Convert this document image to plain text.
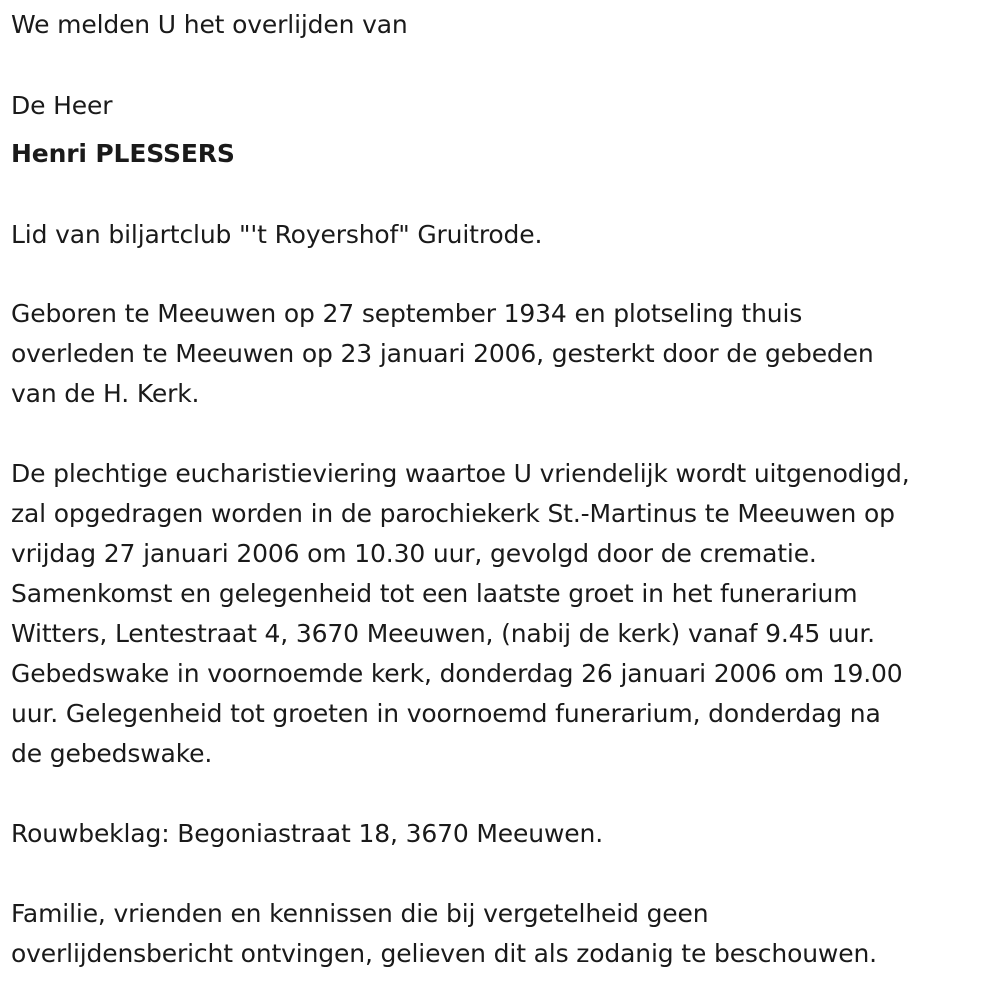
We melden U het overlijden van
De Heer
Henri PLESSERS
Lid van biljartclub "'t Royershof" Gruitrode.
Geboren te Meeuwen op 27 september 1934 en plotseling thuis
overleden te Meeuwen op 23 januari 2006, gesterkt door de gebeden
van de H. Kerk.
De plechtige eucharistieviering waartoe U vriendelijk wordt uitgenodigd,
zal opgedragen worden in de parochiekerk St.-Martinus te Meeuwen op
vrijdag 27 januari 2006 om 10.30 uur, gevolgd door de crematie.
Samenkomst en gelegenheid tot een laatste groet in het funerarium
Witters, Lentestraat 4, 3670 Meeuwen, (nabij de kerk) vanaf 9.45 uur.
Gebedswake in voornoemde kerk, donderdag 26 januari 2006 om 19.00
uur. Gelegenheid tot groeten in voornoemd funerarium, donderdag na
de gebedswake.
Rouwbeklag: Begoniastraat 18, 3670 Meeuwen.
Familie, vrienden en kennissen die bij vergetelheid geen
overlijdensbericht ontvingen, gelieven dit als zodanig te beschouwen.
